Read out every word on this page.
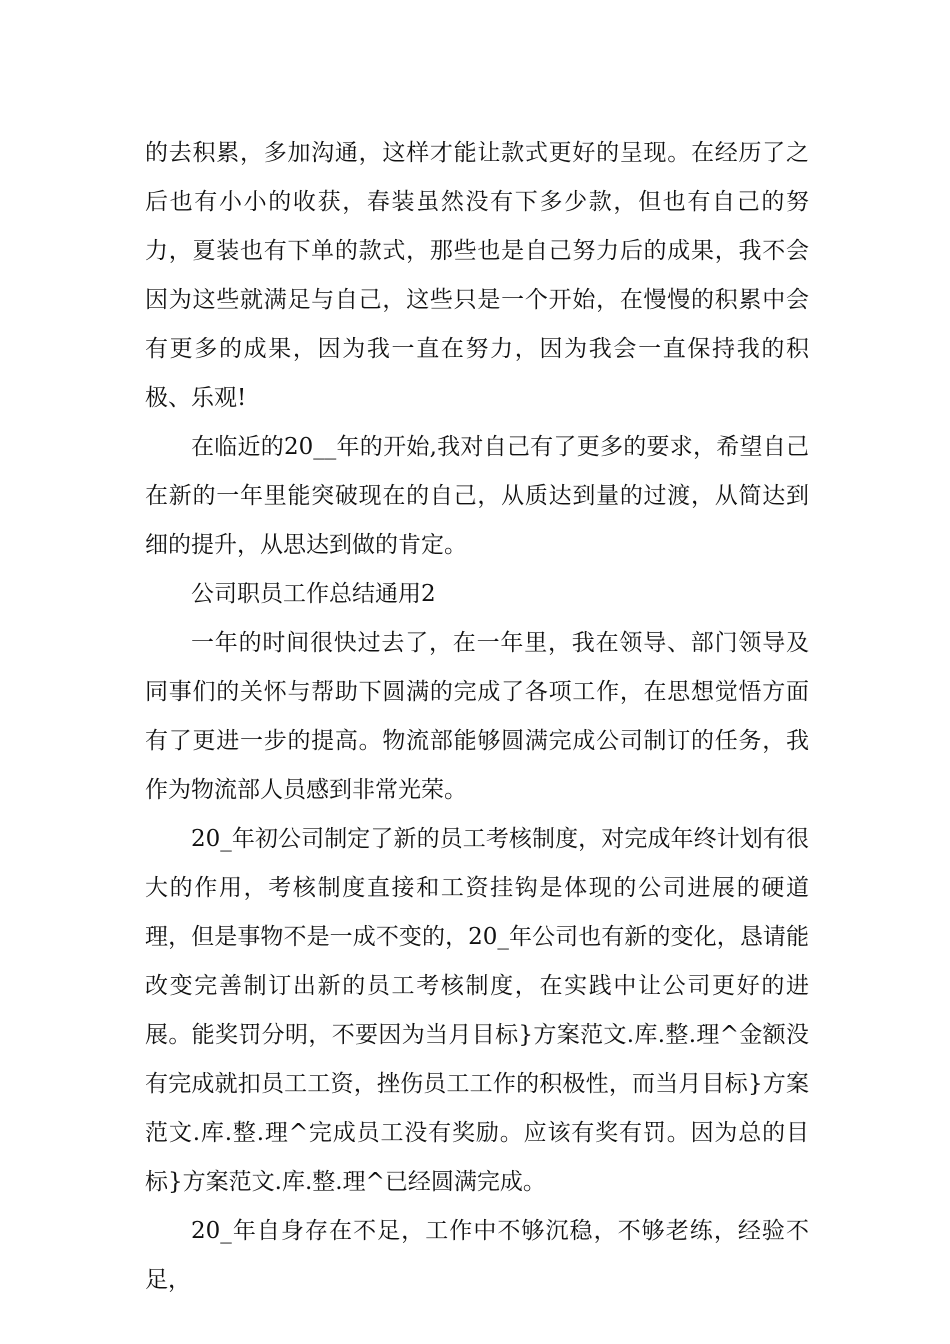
的去积累，多加沟通，这样才能让款式更好的呈现。在经历了之后也有小小的收获，春装虽然没有下多少款，但也有自己的努力，夏装也有下单的款式，那些也是自己努力后的成果，我不会因为这些就满足与自己，这些只是一个开始，在慢慢的积累中会有更多的成果，因为我一直在努力，因为我会一直保持我的积极、乐观!

在临近的20__年的开始,我对自己有了更多的要求，希望自己在新的一年里能突破现在的自己，从质达到量的过渡，从简达到细的提升，从思达到做的肯定。

公司职员工作总结通用2

一年的时间很快过去了，在一年里，我在领导、部门领导及同事们的关怀与帮助下圆满的完成了各项工作，在思想觉悟方面有了更进一步的提高。物流部能够圆满完成公司制订的任务，我作为物流部人员感到非常光荣。

20_年初公司制定了新的员工考核制度，对完成年终计划有很大的作用，考核制度直接和工资挂钩是体现的公司进展的硬道理，但是事物不是一成不变的，20_年公司也有新的变化，恳请能改变完善制订出新的员工考核制度，在实践中让公司更好的进展。能奖罚分明，不要因为当月目标}方案范文.库.整.理^金额没有完成就扣员工工资，挫伤员工工作的积极性，而当月目标}方案范文.库.整.理^完成员工没有奖励。应该有奖有罚。因为总的目标}方案范文.库.整.理^已经圆满完成。

20_年自身存在不足，工作中不够沉稳，不够老练，经验不足，
